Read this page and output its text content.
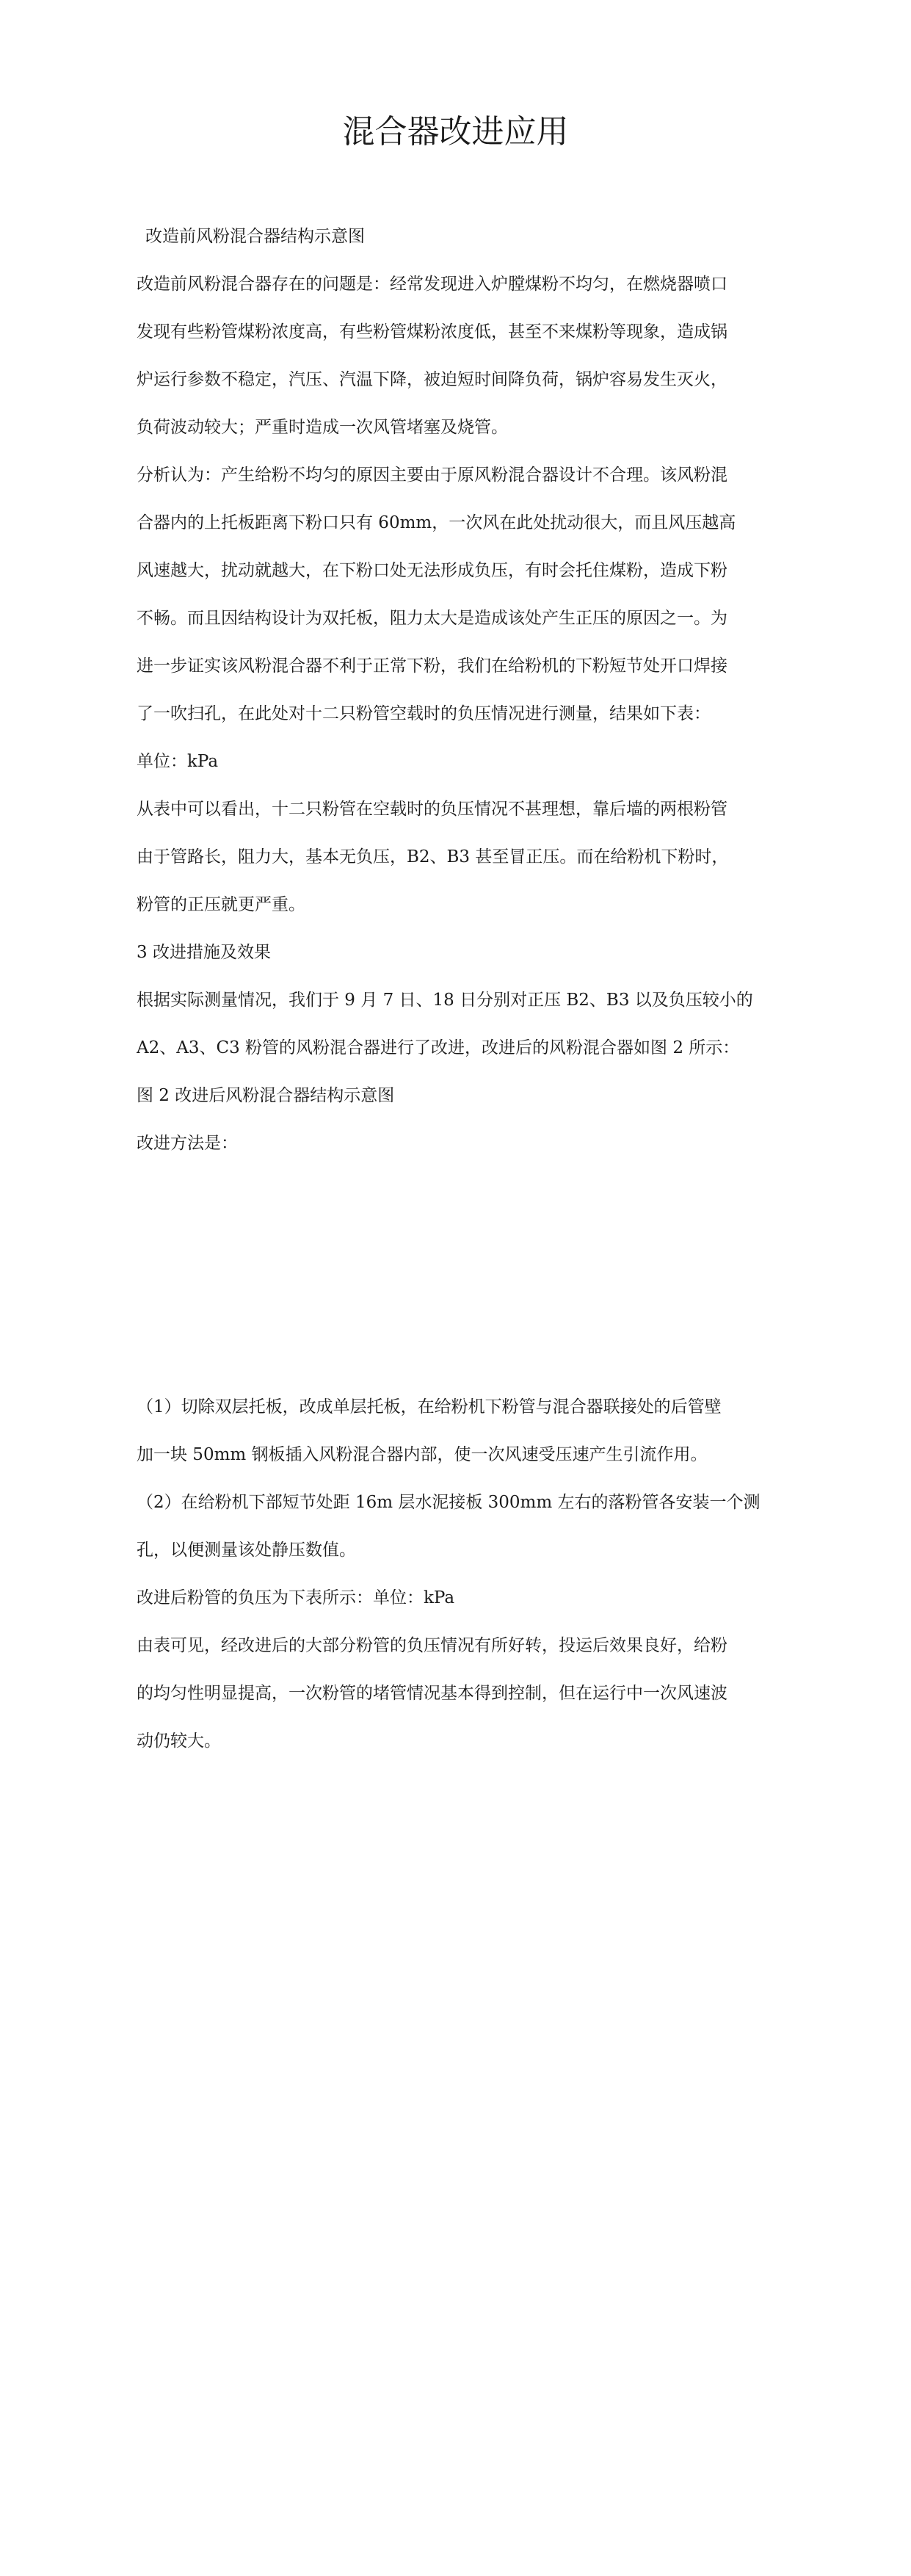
混合器改进应用

改造前风粉混合器结构示意图

改造前风粉混合器存在的问题是：经常发现进入炉膛煤粉不均匀，在燃烧器喷口

发现有些粉管煤粉浓度高，有些粉管煤粉浓度低，甚至不来煤粉等现象，造成锅

炉运行参数不稳定，汽压、汽温下降，被迫短时间降负荷，锅炉容易发生灭火，

负荷波动较大；严重时造成一次风管堵塞及烧管。

分析认为：产生给粉不均匀的原因主要由于原风粉混合器设计不合理。该风粉混

合器内的上托板距离下粉口只有 60mm，一次风在此处扰动很大，而且风压越高

风速越大，扰动就越大，在下粉口处无法形成负压，有时会托住煤粉，造成下粉

不畅。而且因结构设计为双托板，阻力太大是造成该处产生正压的原因之一。为

进一步证实该风粉混合器不利于正常下粉，我们在给粉机的下粉短节处开口焊接

了一吹扫孔，在此处对十二只粉管空载时的负压情况进行测量，结果如下表：

单位：kPa

从表中可以看出，十二只粉管在空载时的负压情况不甚理想，靠后墙的两根粉管

由于管路长，阻力大，基本无负压，B2、B3 甚至冒正压。而在给粉机下粉时，

粉管的正压就更严重。

3 改进措施及效果

根据实际测量情况，我们于 9 月 7 日、18 日分别对正压 B2、B3 以及负压较小的

A2、A3、C3 粉管的风粉混合器进行了改进，改进后的风粉混合器如图 2 所示：

图 2 改进后风粉混合器结构示意图

改进方法是：

（1）切除双层托板，改成单层托板，在给粉机下粉管与混合器联接处的后管壁

加一块 50mm 钢板插入风粉混合器内部，使一次风速受压速产生引流作用。

（2）在给粉机下部短节处距 16m 层水泥接板 300mm 左右的落粉管各安装一个测

孔，以便测量该处静压数值。

改进后粉管的负压为下表所示：单位：kPa

由表可见，经改进后的大部分粉管的负压情况有所好转，投运后效果良好，给粉

的均匀性明显提高，一次粉管的堵管情况基本得到控制，但在运行中一次风速波

动仍较大。
